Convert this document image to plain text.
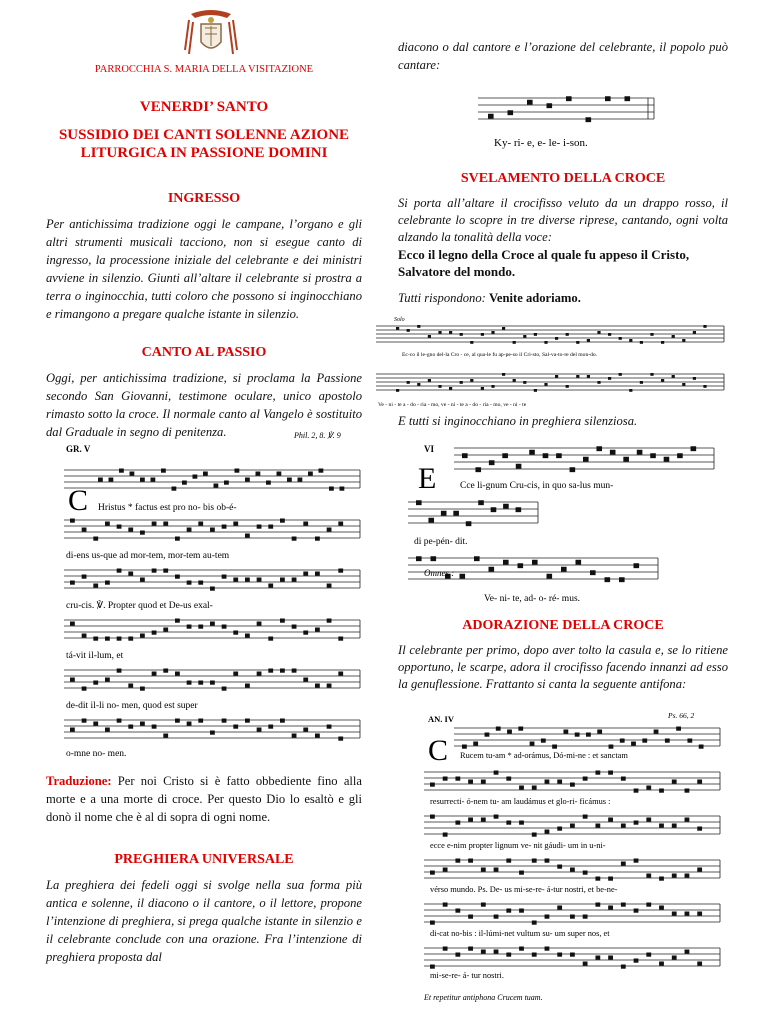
PARROCCHIA S. MARIA DELLA VISITAZIONE
VENERDI’ SANTO
SUSSIDIO DEI CANTI SOLENNE AZIONE LITURGICA IN PASSIONE DOMINI
INGRESSO

Per antichissima tradizione oggi le campane, l’organo e gli altri strumenti musicali tacciono, non si esegue canto di ingresso, la processione iniziale del celebrante e dei ministri avviene in silenzio. Giunti all’altare il celebrante si prostra a terra o inginocchia, tutti coloro che possono si inginocchiano e rimangono a pregare qualche istante in silenzio.

CANTO AL PASSIO

Oggi, per antichissima tradizione, si proclama la Passione secondo San Giovanni, testimone oculare, unico apostolo rimasto sotto la croce. Il normale canto al Vangelo è sostituito dal Graduale in segno di penitenza.

GR. V
Phil. 2, 8. ℣. 9
C Hristus * factus est pro no- bis ob-é-
di-ens us-que ad mor-tem, mor-tem au-tem
cru-cis. ℣. Propter quod et De-us exal-
tá-vit il-lum, et
de-dit il-li no- men, quod est super
o-mne no- men.

Traduzione: Per noi Cristo si è fatto obbediente fino alla morte e a una morte di croce. Per questo Dio lo esaltò e gli donò il nome che è al di sopra di ogni nome.

PREGHIERA UNIVERSALE

La preghiera dei fedeli oggi si svolge nella sua forma più antica e solenne, il diacono o il cantore, o il lettore, propone l’intenzione di preghiera, si prega qualche istante in silenzio e il celebrante conclude con una orazione. Fra l’intenzione di preghiera proposta dal

diacono o dal cantore e l’orazione del celebrante, il popolo può cantare:

Ky- ri- e, e- le- i-son.
SVELAMENTO DELLA CROCE

Si porta all’altare il crocifisso veluto da un drappo rosso, il celebrante lo scopre in tre diverse riprese, cantando, ogni volta alzando la tonalità della voce:

Ecco il legno della Croce al quale fu appeso il Cristo, Salvatore del mondo.

Tutti rispondono: Venite adoriamo.

Solo
Ec-co il le-gno del-la Cro - ce, al qua-le fu ap-pe-so il Cri-sto, Sal-va-to-re del mon-do.
Ve - ni - te a - do - ria - mo, ve - ni - te a - do - ria - mo, ve - ni - te

E tutti si inginocchiano in preghiera silenziosa.

VI
E Cce li-gnum Cru-cis, in quo sa-lus mun-
di pe-pén- dit.
Omnes :
Ve- ni- te, ad- o- ré- mus.
ADORAZIONE DELLA CROCE

Il celebrante per primo, dopo aver tolto la casula e, se lo ritiene opportuno, le scarpe, adora il crocifisso facendo innanzi ad esso la genuflessione. Frattanto si canta la seguente antifona:

AN. IV	Ps. 66, 2
C Rucem tu-am * ad-orámus, Dó-mi-ne : et sanctam
resurrecti- ó-nem tu- am laudámus et glo-ri- ficámus :
ecce e-nim propter lignum ve- nit gáudi- um in u-ni-
vérso mundo. Ps. De- us mi-se-re- á-tur nostri, et be-ne-
di-cat no-bis : il-lúmi-net vultum su- um super nos, et
mi-se-re- á- tur nostri.
Et repetitur antiphona Crucem tuam.
